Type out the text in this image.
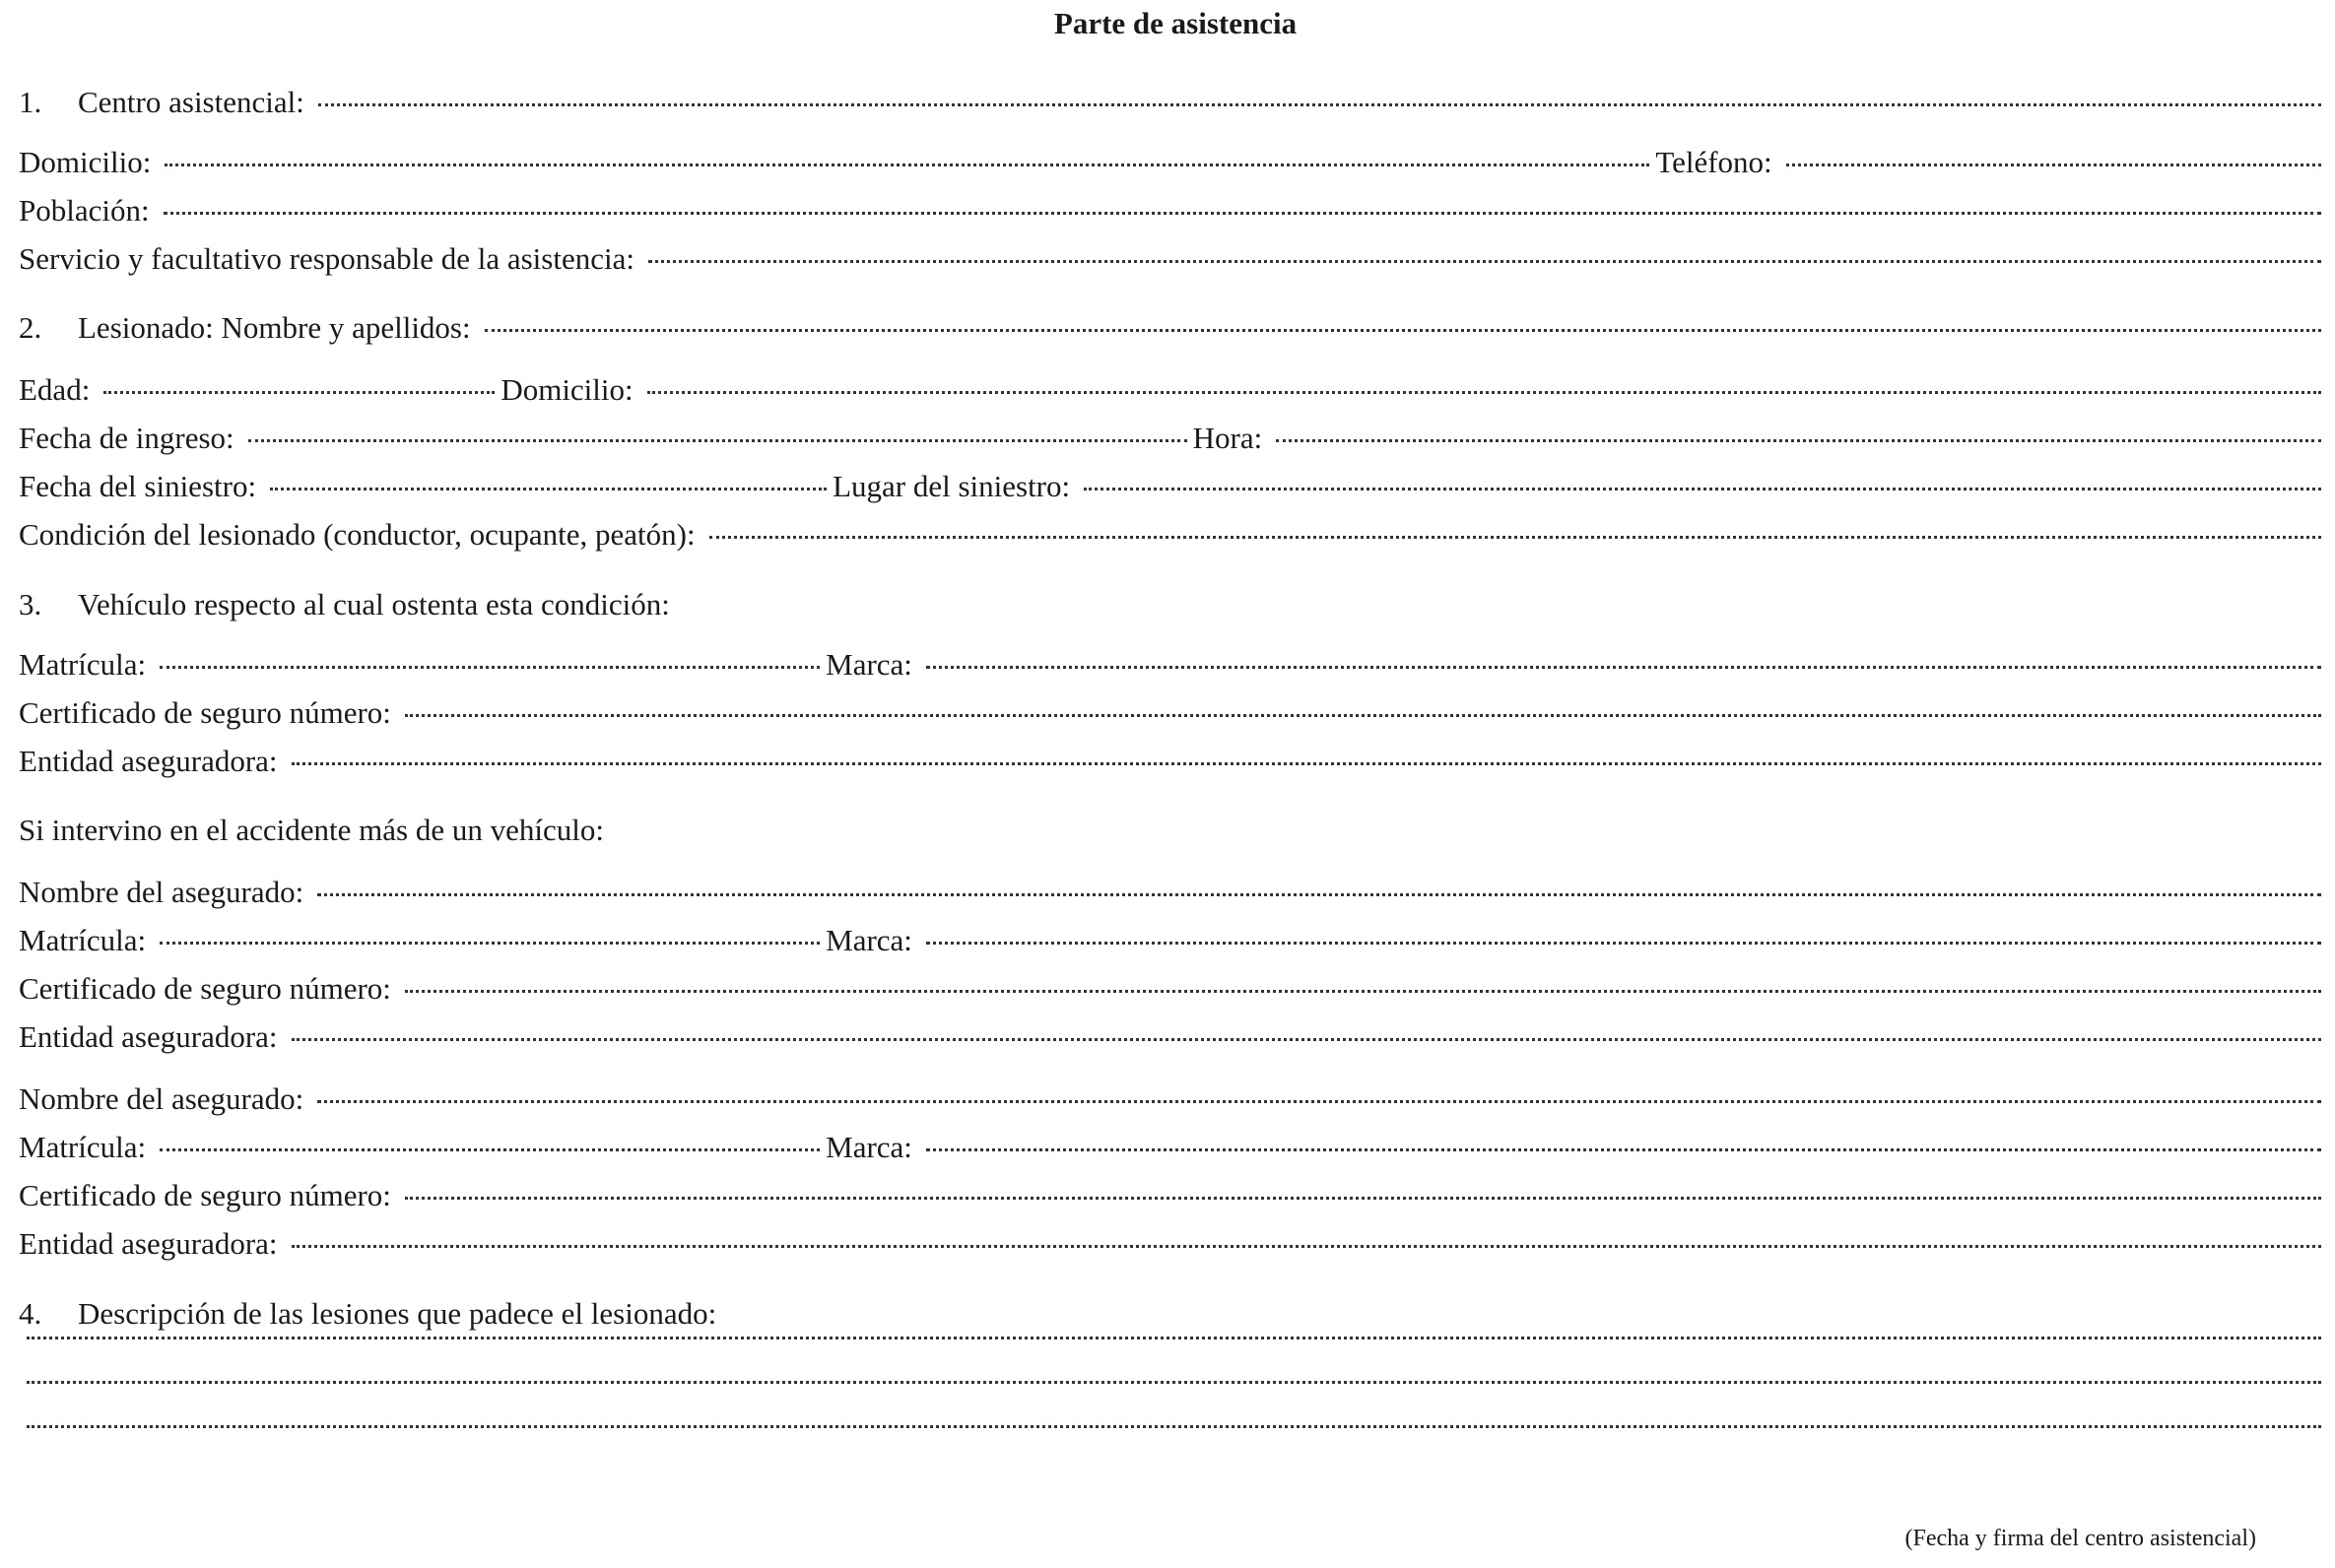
Parte de asistencia
1.	Centro asistencial:
Domicilio:	Teléfono:
Población:
Servicio y facultativo responsable de la asistencia:
2.	Lesionado: Nombre y apellidos:
Edad:	Domicilio:
Fecha de ingreso:	Hora:
Fecha del siniestro:	Lugar del siniestro:
Condición del lesionado (conductor, ocupante, peatón):
3.	Vehículo respecto al cual ostenta esta condición:
Matrícula:	Marca:
Certificado de seguro número:
Entidad aseguradora:
Si intervino en el accidente más de un vehículo:
Nombre del asegurado:
Matrícula:	Marca:
Certificado de seguro número:
Entidad aseguradora:
Nombre del asegurado:
Matrícula:	Marca:
Certificado de seguro número:
Entidad aseguradora:
4.	Descripción de las lesiones que padece el lesionado:
(Fecha y firma del centro asistencial)
